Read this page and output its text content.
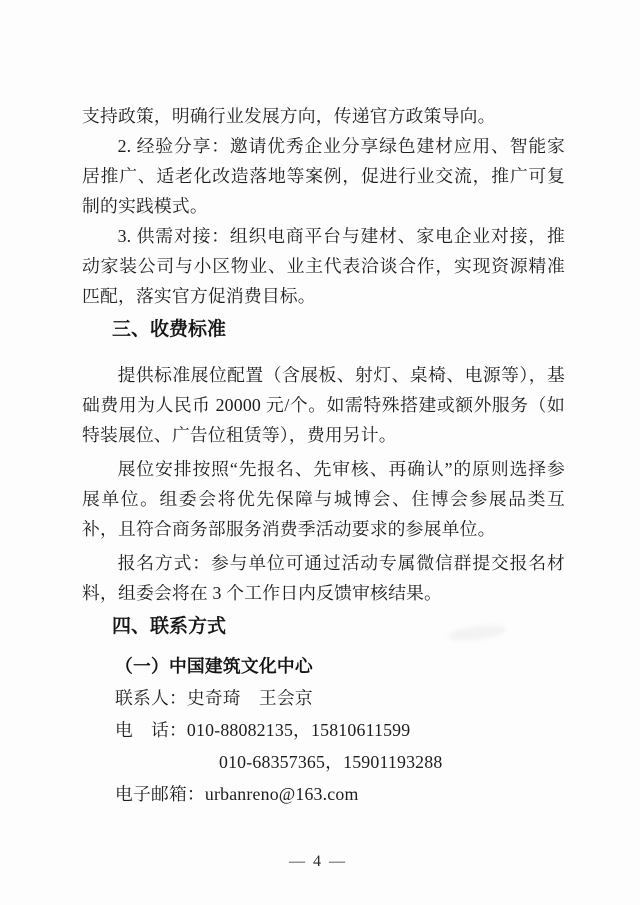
支持政策，明确行业发展方向，传递官方政策导向。

2. 经验分享：邀请优秀企业分享绿色建材应用、智能家居推广、适老化改造落地等案例，促进行业交流，推广可复制的实践模式。

3. 供需对接：组织电商平台与建材、家电企业对接，推动家装公司与小区物业、业主代表洽谈合作，实现资源精准匹配，落实官方促消费目标。

三、收费标准

提供标准展位配置（含展板、射灯、桌椅、电源等），基础费用为人民币 20000 元/个。如需特殊搭建或额外服务（如特装展位、广告位租赁等），费用另计。

展位安排按照“先报名、先审核、再确认”的原则选择参展单位。组委会将优先保障与城博会、住博会参展品类互补，且符合商务部服务消费季活动要求的参展单位。

报名方式：参与单位可通过活动专属微信群提交报名材料，组委会将在 3 个工作日内反馈审核结果。

四、联系方式

（一）中国建筑文化中心

联系人：史奇琦　王会京

电　话：010-88082135，15810611599

010-68357365，15901193288

电子邮箱：urbanreno@163.com

— 4 —
